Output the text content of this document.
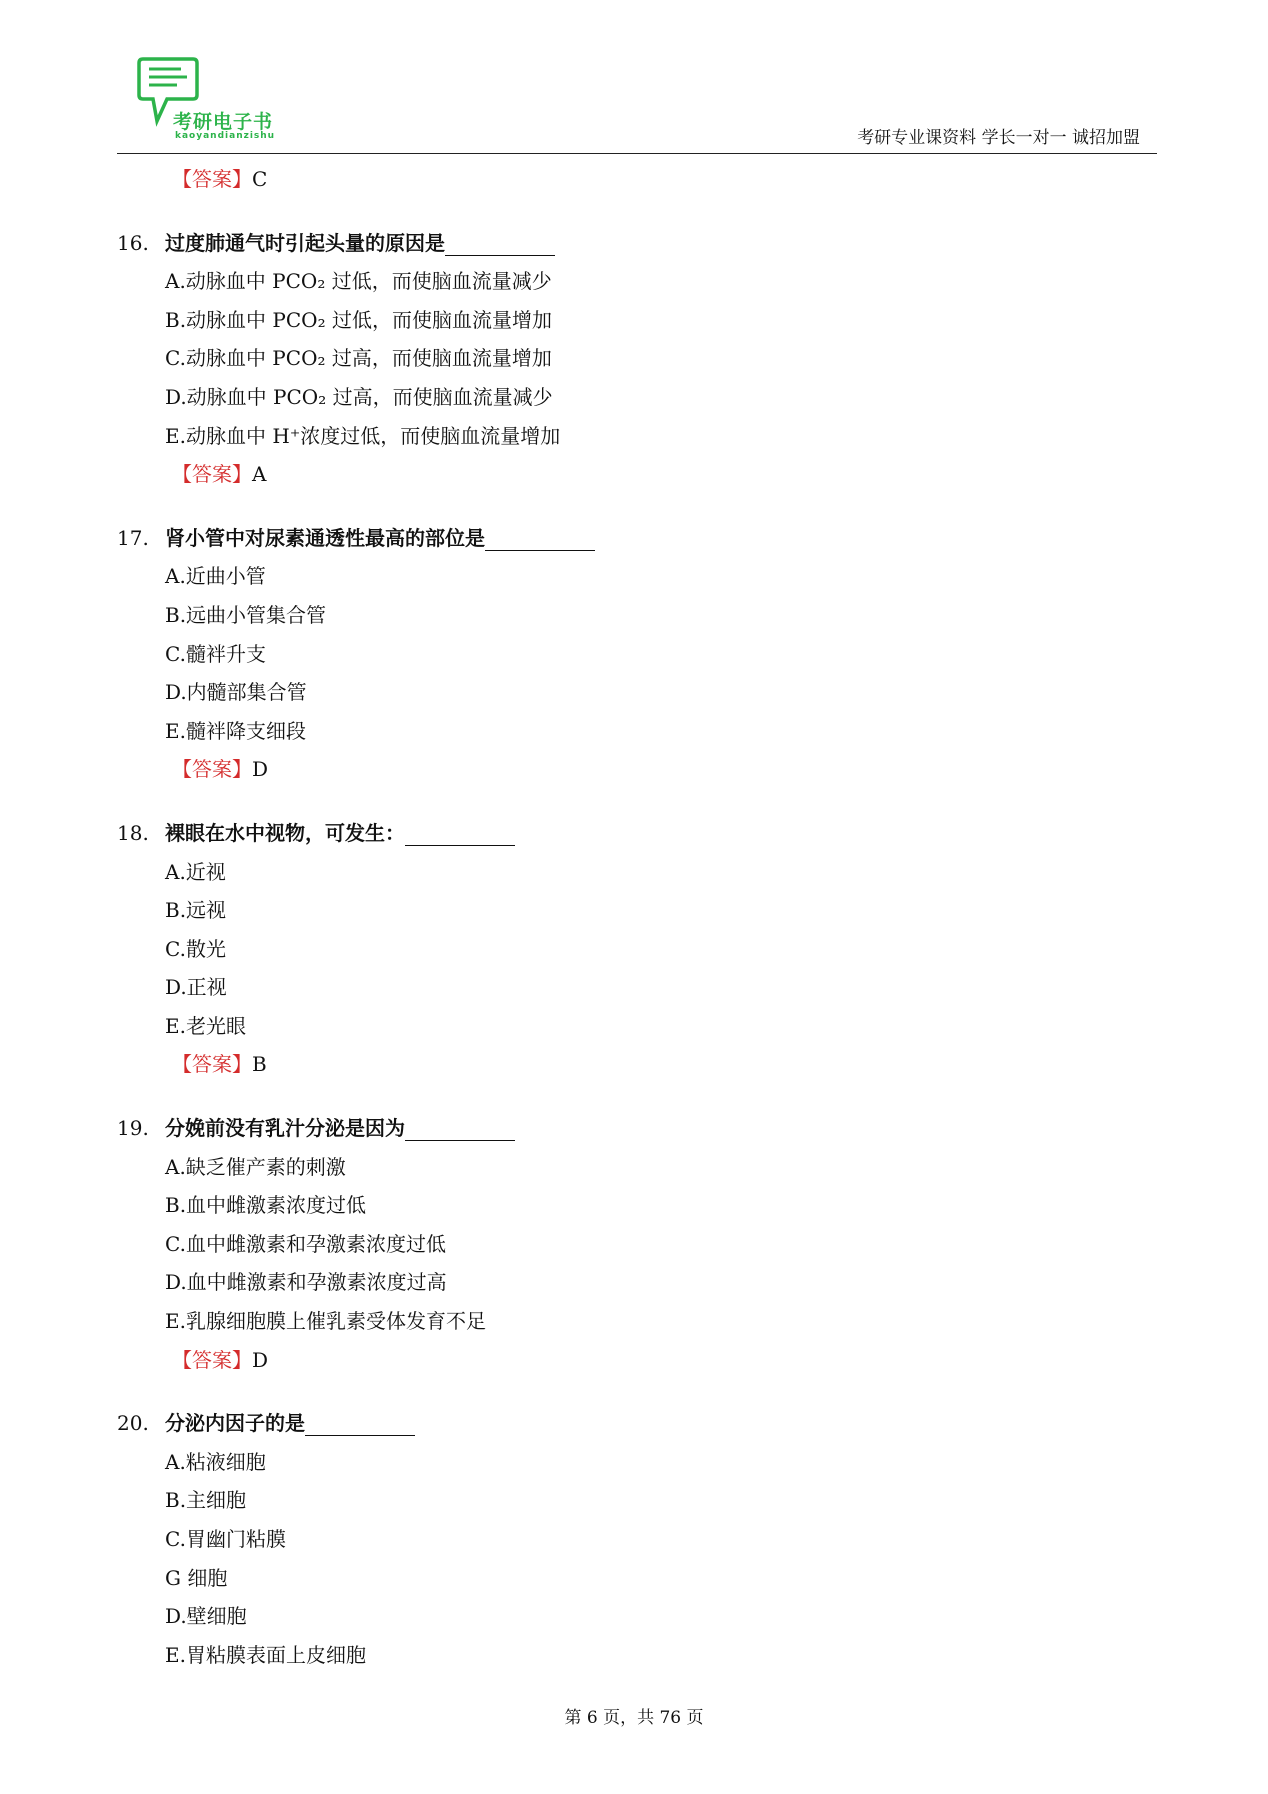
考研电子书
kaoyandianzishu	考研专业课资料 学长一对一 诚招加盟
【答案】C
16. 过度肺通气时引起头量的原因是
A.动脉血中 PCO₂ 过低，而使脑血流量减少
B.动脉血中 PCO₂ 过低，而使脑血流量增加
C.动脉血中 PCO₂ 过高，而使脑血流量增加
D.动脉血中 PCO₂ 过高，而使脑血流量减少
E.动脉血中 H⁺浓度过低，而使脑血流量增加
【答案】A
17. 肾小管中对尿素通透性最高的部位是
A.近曲小管
B.远曲小管集合管
C.髓袢升支
D.内髓部集合管
E.髓袢降支细段
【答案】D
18. 裸眼在水中视物，可发生：
A.近视
B.远视
C.散光
D.正视
E.老光眼
【答案】B
19. 分娩前没有乳汁分泌是因为
A.缺乏催产素的刺激
B.血中雌激素浓度过低
C.血中雌激素和孕激素浓度过低
D.血中雌激素和孕激素浓度过高
E.乳腺细胞膜上催乳素受体发育不足
【答案】D
20. 分泌内因子的是
A.粘液细胞
B.主细胞
C.胃幽门粘膜
G 细胞
D.壁细胞
E.胃粘膜表面上皮细胞
第 6 页，共 76 页
